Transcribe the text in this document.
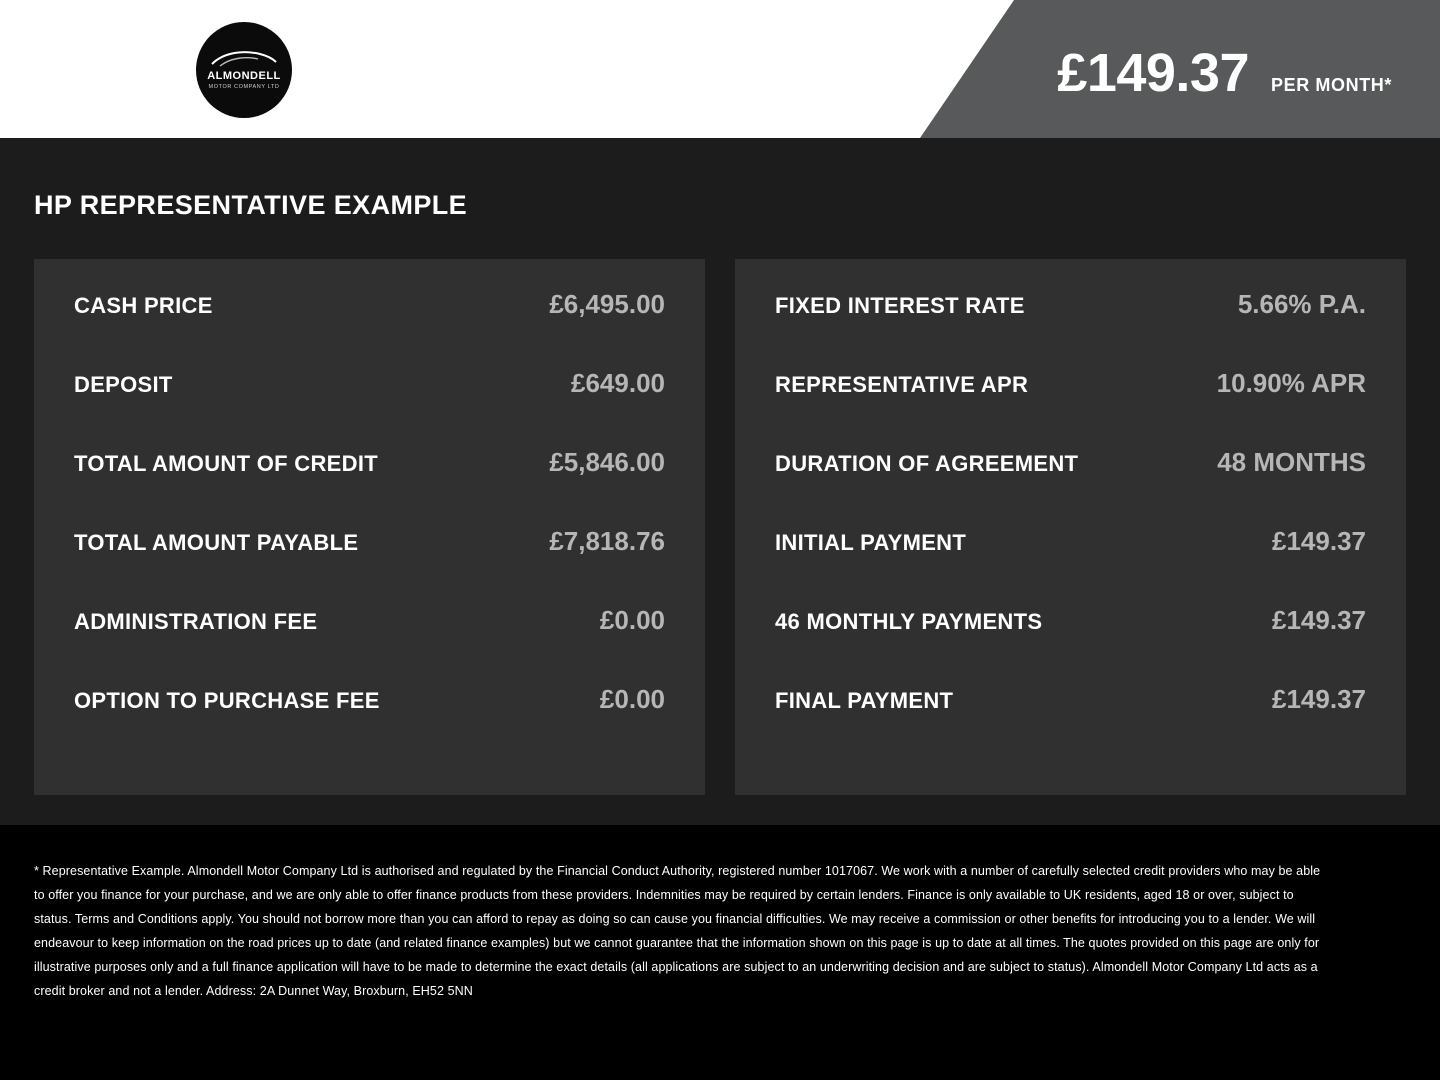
ALMONDELL
MOTOR COMPANY LTD	£149.37 PER MONTH*
HP REPRESENTATIVE EXAMPLE
CASH PRICE	£6,495.00
DEPOSIT	£649.00
TOTAL AMOUNT OF CREDIT	£5,846.00
TOTAL AMOUNT PAYABLE	£7,818.76
ADMINISTRATION FEE	£0.00
OPTION TO PURCHASE FEE	£0.00
FIXED INTEREST RATE	5.66% P.A.
REPRESENTATIVE APR	10.90% APR
DURATION OF AGREEMENT	48 MONTHS
INITIAL PAYMENT	£149.37
46 MONTHLY PAYMENTS	£149.37
FINAL PAYMENT	£149.37

* Representative Example. Almondell Motor Company Ltd is authorised and regulated by the Financial Conduct Authority, registered number 1017067. We work with a number of carefully selected credit providers who may be able to offer you finance for your purchase, and we are only able to offer finance products from these providers. Indemnities may be required by certain lenders. Finance is only available to UK residents, aged 18 or over, subject to status. Terms and Conditions apply. You should not borrow more than you can afford to repay as doing so can cause you financial difficulties. We may receive a commission or other benefits for introducing you to a lender. We will endeavour to keep information on the road prices up to date (and related finance examples) but we cannot guarantee that the information shown on this page is up to date at all times. The quotes provided on this page are only for illustrative purposes only and a full finance application will have to be made to determine the exact details (all applications are subject to an underwriting decision and are subject to status). Almondell Motor Company Ltd acts as a credit broker and not a lender. Address: 2A Dunnet Way, Broxburn, EH52 5NN
